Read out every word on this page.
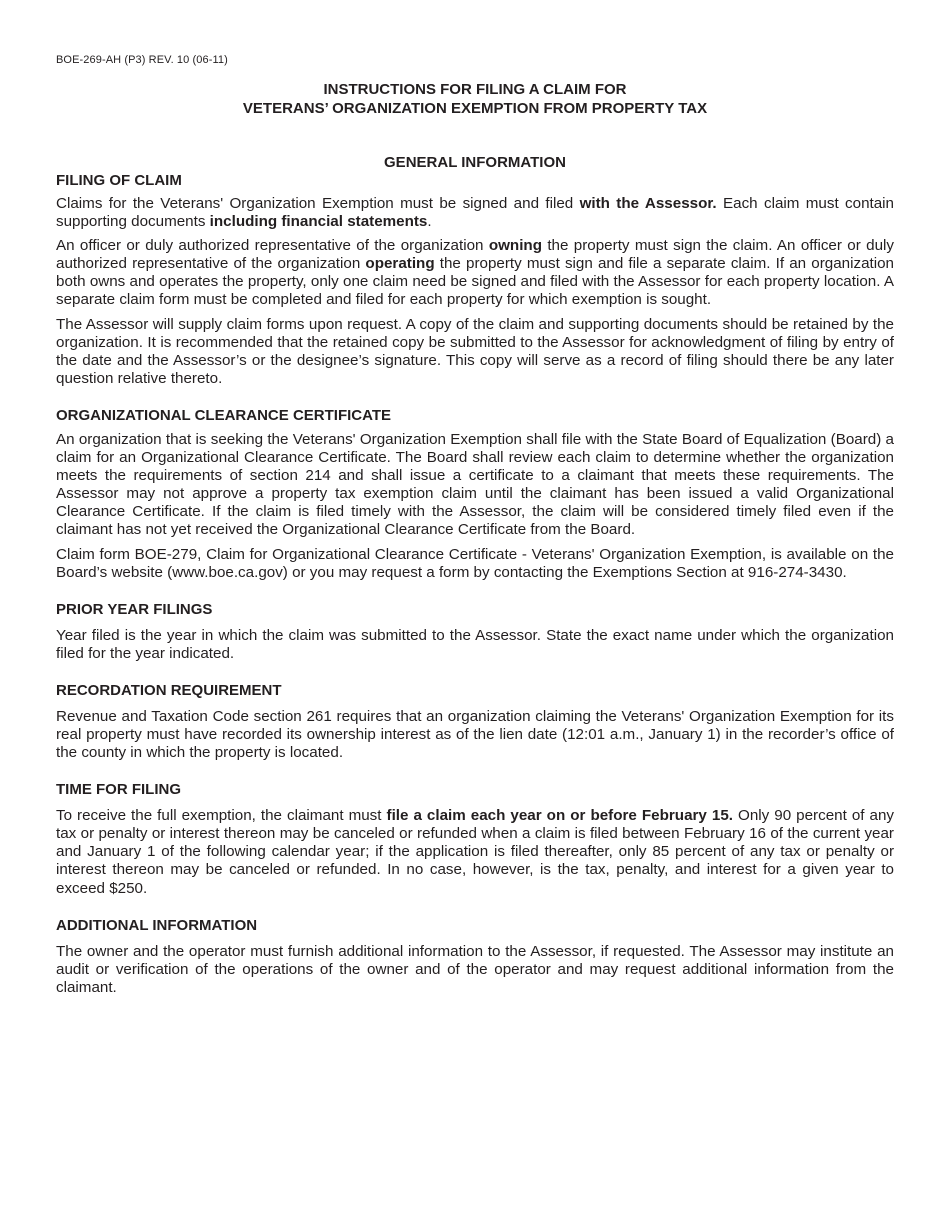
BOE-269-AH (P3) REV. 10 (06-11)
INSTRUCTIONS FOR FILING A CLAIM FOR
VETERANS’ ORGANIZATION EXEMPTION FROM PROPERTY TAX
GENERAL INFORMATION
FILING OF CLAIM

Claims for the Veterans' Organization Exemption must be signed and filed with the Assessor. Each claim must contain supporting documents including financial statements.

An officer or duly authorized representative of the organization owning the property must sign the claim. An officer or duly authorized representative of the organization operating the property must sign and file a separate claim. If an organization both owns and operates the property, only one claim need be signed and filed with the Assessor for each property location. A separate claim form must be completed and filed for each property for which exemption is sought.

The Assessor will supply claim forms upon request. A copy of the claim and supporting documents should be retained by the organization. It is recommended that the retained copy be submitted to the Assessor for acknowledgment of filing by entry of the date and the Assessor’s or the designee’s signature. This copy will serve as a record of filing should there be any later question relative thereto.

ORGANIZATIONAL CLEARANCE CERTIFICATE

An organization that is seeking the Veterans' Organization Exemption shall file with the State Board of Equalization (Board) a claim for an Organizational Clearance Certificate. The Board shall review each claim to determine whether the organization meets the requirements of section 214 and shall issue a certificate to a claimant that meets these requirements. The Assessor may not approve a property tax exemption claim until the claimant has been issued a valid Organizational Clearance Certificate. If the claim is filed timely with the Assessor, the claim will be considered timely filed even if the claimant has not yet received the Organizational Clearance Certificate from the Board.

Claim form BOE-279, Claim for Organizational Clearance Certificate - Veterans' Organization Exemption, is available on the Board’s website (www.boe.ca.gov) or you may request a form by contacting the Exemptions Section at 916-274-3430.

PRIOR YEAR FILINGS

Year filed is the year in which the claim was submitted to the Assessor. State the exact name under which the organization filed for the year indicated.

RECORDATION REQUIREMENT

Revenue and Taxation Code section 261 requires that an organization claiming the Veterans' Organization Exemption for its real property must have recorded its ownership interest as of the lien date (12:01 a.m., January 1) in the recorder’s office of the county in which the property is located.

TIME FOR FILING

To receive the full exemption, the claimant must file a claim each year on or before February 15. Only 90 percent of any tax or penalty or interest thereon may be canceled or refunded when a claim is filed between February 16 of the current year and January 1 of the following calendar year; if the application is filed thereafter, only 85 percent of any tax or penalty or interest thereon may be canceled or refunded. In no case, however, is the tax, penalty, and interest for a given year to exceed $250.

ADDITIONAL INFORMATION

The owner and the operator must furnish additional information to the Assessor, if requested. The Assessor may institute an audit or verification of the operations of the owner and of the operator and may request additional information from the claimant.
